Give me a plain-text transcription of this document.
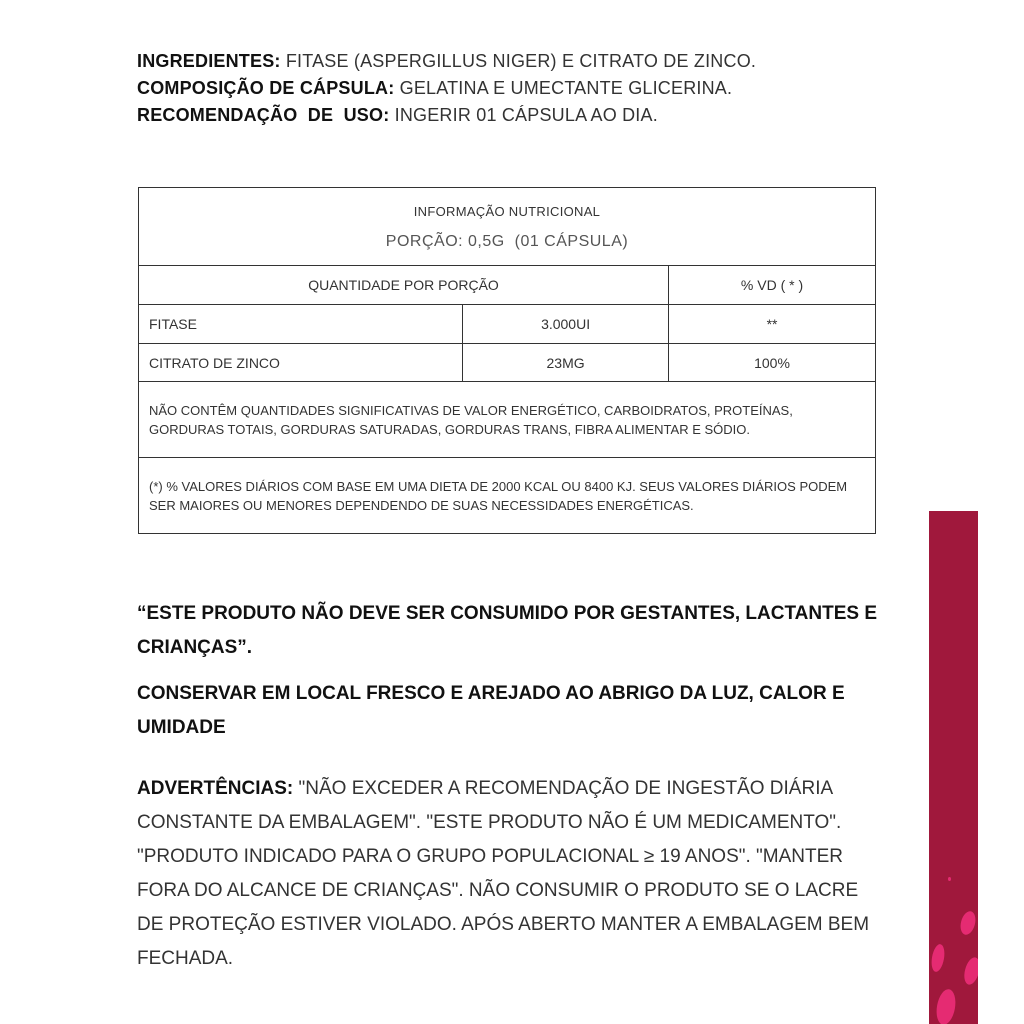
INGREDIENTES: FITASE (ASPERGILLUS NIGER) E CITRATO DE ZINCO.
COMPOSIÇÃO DE CÁPSULA: GELATINA E UMECTANTE GLICERINA.
RECOMENDAÇÃO  DE  USO: INGERIR 01 CÁPSULA AO DIA.
INFORMAÇÃO NUTRICIONAL
PORÇÃO: 0,5G  (01 CÁPSULA)		

QUANTIDADE POR PORÇÃO		% VD ( * )
FITASE	3.000UI	**
CITRATO DE ZINCO	23MG	100%
NÃO CONTÊM QUANTIDADES SIGNIFICATIVAS DE VALOR ENERGÉTICO, CARBOIDRATOS, PROTEÍNAS, GORDURAS TOTAIS, GORDURAS SATURADAS, GORDURAS TRANS, FIBRA ALIMENTAR E SÓDIO.		
(*) % VALORES DIÁRIOS COM BASE EM UMA DIETA DE 2000 KCAL OU 8400 KJ. SEUS VALORES DIÁRIOS PODEM SER MAIORES OU MENORES DEPENDENDO DE SUAS NECESSIDADES ENERGÉTICAS.		

“ESTE PRODUTO NÃO DEVE SER CONSUMIDO POR GESTANTES, LACTANTES E CRIANÇAS”.

CONSERVAR EM LOCAL FRESCO E AREJADO AO ABRIGO DA LUZ, CALOR E UMIDADE

ADVERTÊNCIAS: "NÃO EXCEDER A RECOMENDAÇÃO DE INGESTÃO DIÁRIA CONSTANTE DA EMBALAGEM". "ESTE PRODUTO NÃO É UM MEDICAMENTO". "PRODUTO INDICADO PARA O GRUPO POPULACIONAL ≥ 19 ANOS". "MANTER FORA DO ALCANCE DE CRIANÇAS". NÃO CONSUMIR O PRODUTO SE O LACRE DE PROTEÇÃO ESTIVER VIOLADO. APÓS ABERTO MANTER A EMBALAGEM BEM FECHADA.
